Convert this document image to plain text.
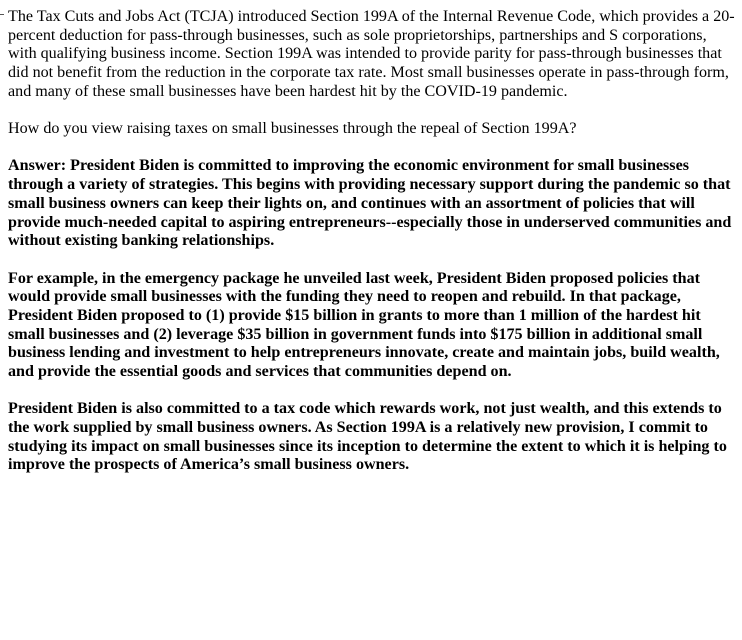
The Tax Cuts and Jobs Act (TCJA) introduced Section 199A of the Internal Revenue Code, which provides a 20-percent deduction for pass-through businesses, such as sole proprietorships, partnerships and S corporations, with qualifying business income. Section 199A was intended to provide parity for pass-through businesses that did not benefit from the reduction in the corporate tax rate. Most small businesses operate in pass-through form, and many of these small businesses have been hardest hit by the COVID-19 pandemic.

How do you view raising taxes on small businesses through the repeal of Section 199A?

Answer: President Biden is committed to improving the economic environment for small businesses through a variety of strategies. This begins with providing necessary support during the pandemic so that small business owners can keep their lights on, and continues with an assortment of policies that will provide much-needed capital to aspiring entrepreneurs--especially those in underserved communities and without existing banking relationships.

For example, in the emergency package he unveiled last week, President Biden proposed policies that would provide small businesses with the funding they need to reopen and rebuild. In that package, President Biden proposed to (1) provide $15 billion in grants to more than 1 million of the hardest hit small businesses and (2) leverage $35 billion in government funds into $175 billion in additional small business lending and investment to help entrepreneurs innovate, create and maintain jobs, build wealth, and provide the essential goods and services that communities depend on.

President Biden is also committed to a tax code which rewards work, not just wealth, and this extends to the work supplied by small business owners. As Section 199A is a relatively new provision, I commit to studying its impact on small businesses since its inception to determine the extent to which it is helping to improve the prospects of America’s small business owners.
